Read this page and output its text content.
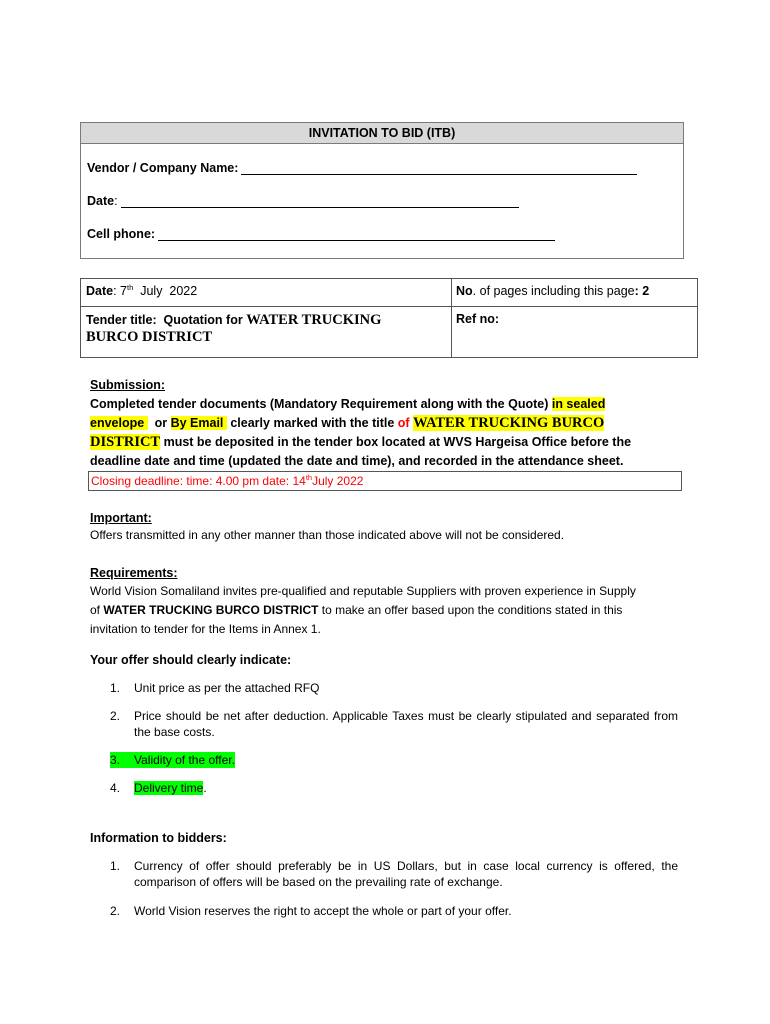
INVITATION TO BID (ITB)
Vendor / Company Name:
Date :
Cell phone:
Date: 7th  July  2022	No. of pages including this page: 2
Tender title:  Quotation for WATER TRUCKING
BURCO DISTRICT
Ref no:
Submission:
Completed tender documents (Mandatory Requirement along with the Quote) in sealed
envelope   or By Email  clearly marked with the title of WATER TRUCKING BURCO
DISTRICT must be deposited in the tender box located at WVS Hargeisa Office before the
deadline date and time (updated the date and time), and recorded in the attendance sheet.
Closing deadline: time: 4.00 pm date: 14thJuly 2022
Important:
Offers transmitted in any other manner than those indicated above will not be considered.
Requirements:
World Vision Somaliland invites pre-qualified and reputable Suppliers with proven experience in Supply
of WATER TRUCKING BURCO DISTRICT to make an offer based upon the conditions stated in this
invitation to tender for the Items in Annex 1.
Your offer should clearly indicate:
1.	Unit price as per the attached RFQ
2.	Price should be net after deduction. Applicable Taxes must be clearly stipulated and separated from the base costs.
3. Validity of the offer.
4.	Delivery time.
Information to bidders:
1.	Currency of offer should preferably be in US Dollars, but in case local currency is offered, the comparison of offers will be based on the prevailing rate of exchange.
2.	World Vision reserves the right to accept the whole or part of your offer.
